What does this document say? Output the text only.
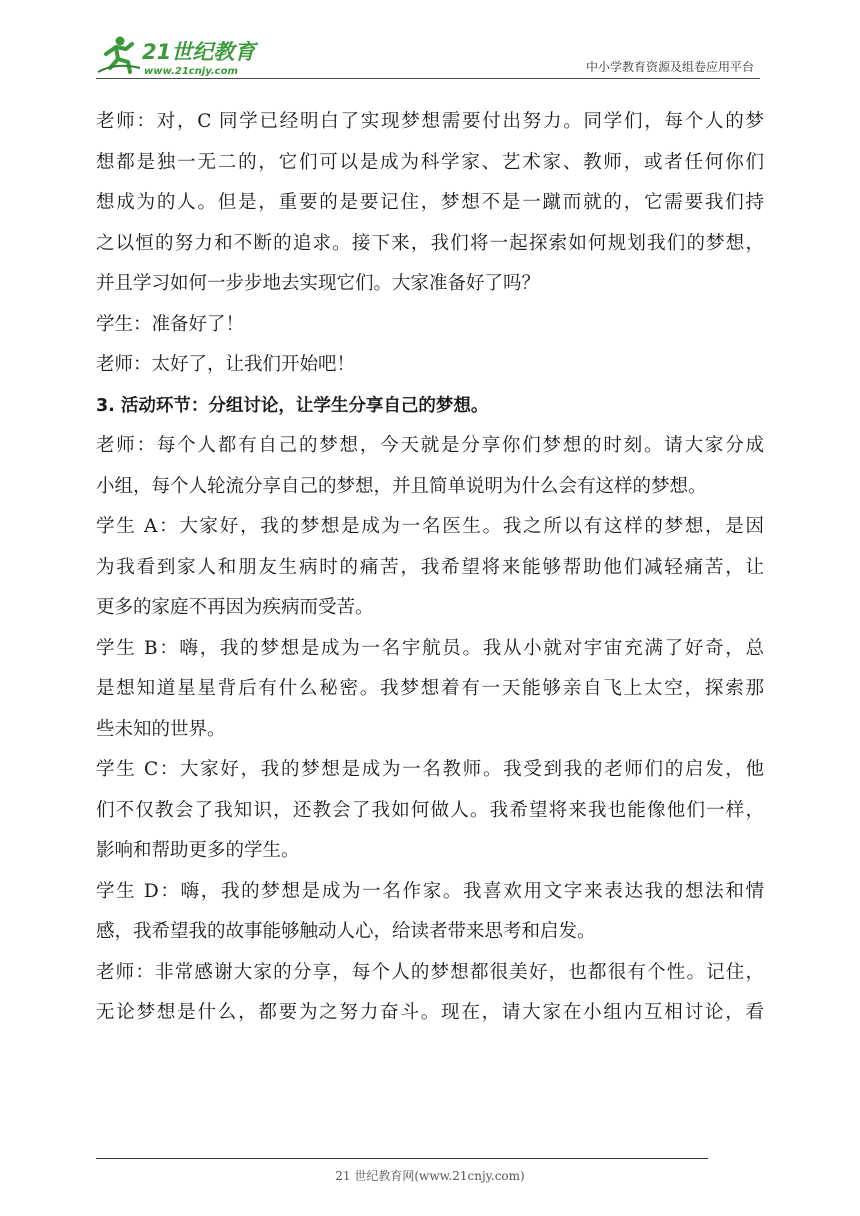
21世纪教育
www.21cnjy.com	中小学教育资源及组卷应用平台

老师：对，C 同学已经明白了实现梦想需要付出努力。同学们，每个人的梦
想都是独一无二的，它们可以是成为科学家、艺术家、教师，或者任何你们
想成为的人。但是，重要的是要记住，梦想不是一蹴而就的，它需要我们持
之以恒的努力和不断的追求。接下来，我们将一起探索如何规划我们的梦想，
并且学习如何一步步地去实现它们。大家准备好了吗？

学生：准备好了！

老师：太好了，让我们开始吧！

3. 活动环节：分组讨论，让学生分享自己的梦想。

老师：每个人都有自己的梦想，今天就是分享你们梦想的时刻。请大家分成
小组，每个人轮流分享自己的梦想，并且简单说明为什么会有这样的梦想。

学生 A：大家好，我的梦想是成为一名医生。我之所以有这样的梦想，是因
为我看到家人和朋友生病时的痛苦，我希望将来能够帮助他们减轻痛苦，让
更多的家庭不再因为疾病而受苦。

学生 B：嗨，我的梦想是成为一名宇航员。我从小就对宇宙充满了好奇，总
是想知道星星背后有什么秘密。我梦想着有一天能够亲自飞上太空，探索那
些未知的世界。

学生 C：大家好，我的梦想是成为一名教师。我受到我的老师们的启发，他
们不仅教会了我知识，还教会了我如何做人。我希望将来我也能像他们一样，
影响和帮助更多的学生。

学生 D：嗨，我的梦想是成为一名作家。我喜欢用文字来表达我的想法和情
感，我希望我的故事能够触动人心，给读者带来思考和启发。

老师：非常感谢大家的分享，每个人的梦想都很美好，也都很有个性。记住，
无论梦想是什么，都要为之努力奋斗。现在，请大家在小组内互相讨论，看

21 世纪教育网(www.21cnjy.com)
